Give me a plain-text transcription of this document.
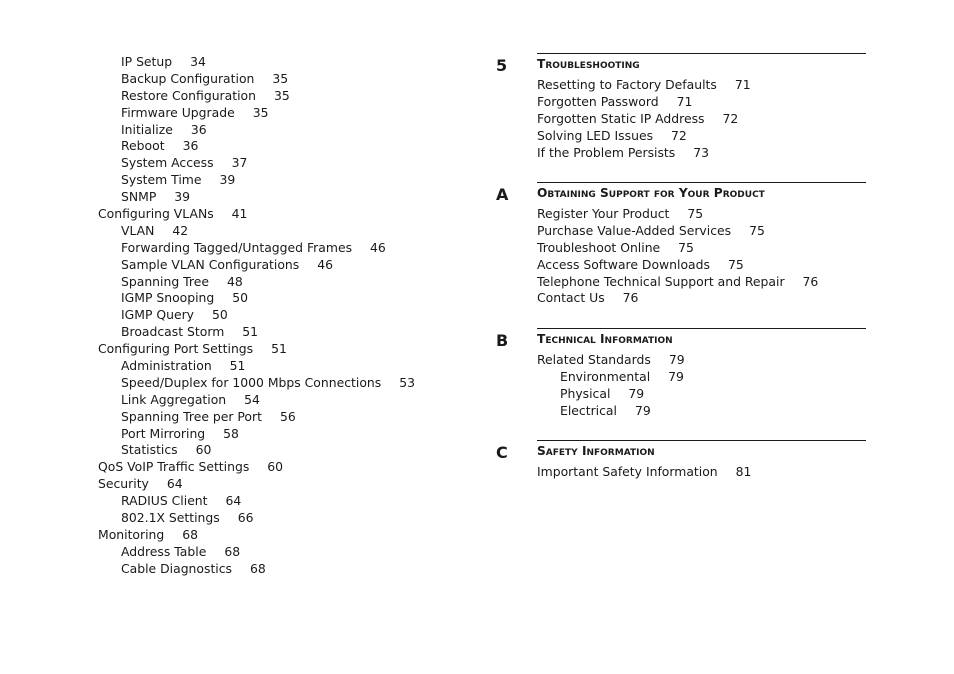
IP Setup 34
Backup Configuration 35
Restore Configuration 35
Firmware Upgrade 35
Initialize 36
Reboot 36
System Access 37
System Time 39
SNMP 39
Configuring VLANs 41
VLAN 42
Forwarding Tagged/Untagged Frames 46
Sample VLAN Configurations 46
Spanning Tree 48
IGMP Snooping 50
IGMP Query 50
Broadcast Storm 51
Configuring Port Settings 51
Administration 51
Speed/Duplex for 1000 Mbps Connections 53
Link Aggregation 54
Spanning Tree per Port 56
Port Mirroring 58
Statistics 60
QoS VoIP Traffic Settings 60
Security 64
RADIUS Client 64
802.1X Settings 66
Monitoring 68
Address Table 68
Cable Diagnostics 68
5 Troubleshooting
Resetting to Factory Defaults 71
Forgotten Password 71
Forgotten Static IP Address 72
Solving LED Issues 72
If the Problem Persists 73
A Obtaining Support for Your Product
Register Your Product 75
Purchase Value-Added Services 75
Troubleshoot Online 75
Access Software Downloads 75
Telephone Technical Support and Repair 76
Contact Us 76
B Technical Information
Related Standards 79
Environmental 79
Physical 79
Electrical 79
C Safety Information
Important Safety Information 81
